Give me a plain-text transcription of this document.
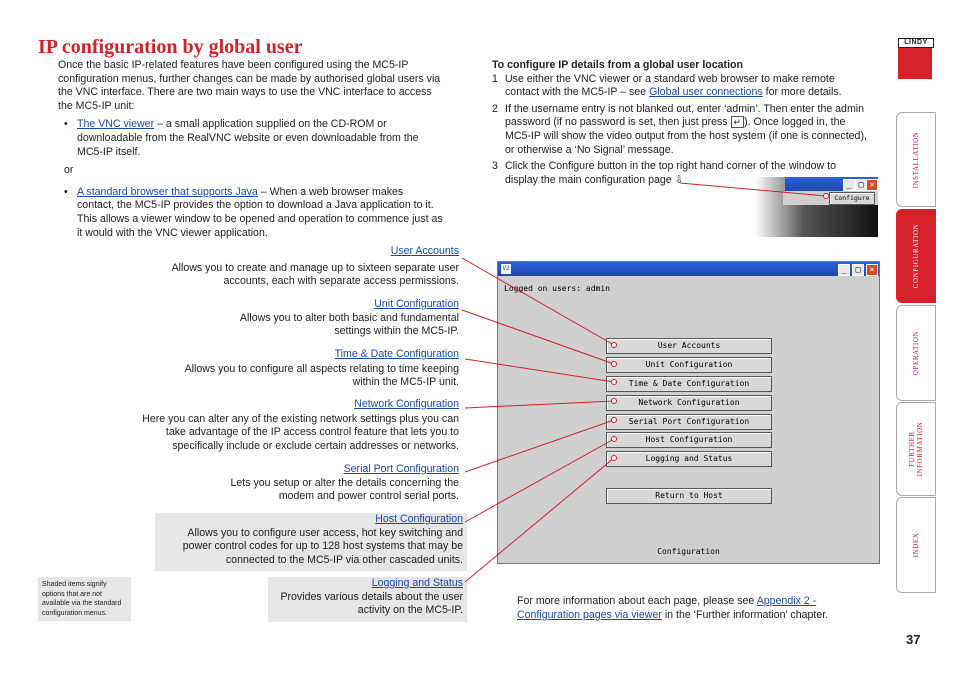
IP configuration by global user
Once the basic IP-related features have been configured using the MC5-IP configuration menus, further changes can be made by authorised global users via the VNC interface. There are two main ways to use the VNC interface to access the MC5-IP unit:
• The VNC viewer – a small application supplied on the CD-ROM or downloadable from the RealVNC website or even downloadable from the MC5-IP itself.
or
• A standard browser that supports Java – When a web browser makes contact, the MC5-IP provides the option to download a Java application to it. This allows a viewer window to be opened and operation to commence just as it would with the VNC viewer application.
To configure IP details from a global user location
1 Use either the VNC viewer or a standard web browser to make remote contact with the MC5-IP – see Global user connections for more details.
2 If the username entry is not blanked out, enter ‘admin’. Then enter the admin password (if no password is set, then just press ↵ ). Once logged in, the MC5-IP will show the video output from the host system (if one is connected), or otherwise a ‘No Signal’ message.
3 Click the Configure button in the top right hand corner of the window to display the main configuration page ⇩	_ □ ×
Configure
V2	_	□	×
Logged on users: admin
User Accounts
Unit Configuration
Time & Date Configuration
Network Configuration
Serial Port Configuration
Host Configuration
Logging and Status
Return to Host
Configuration
User Accounts
Allows you to create and manage up to sixteen separate user accounts, each with separate access permissions.
Unit Configuration
Allows you to alter both basic and fundamental settings within the MC5-IP.
Time & Date Configuration
Allows you to configure all aspects relating to time keeping within the MC5-IP unit.
Network Configuration
Here you can alter any of the existing network settings plus you can take advantage of the IP access control feature that lets you to specifically include or exclude certain addresses or networks.
Serial Port Configuration
Lets you setup or alter the details concerning the modem and power control serial ports.
Host Configuration
Allows you to configure user access, hot key switching and power control codes for up to 128 host systems that may be connected to the MC5-IP via other cascaded units.
Logging and Status
Provides various details about the user activity on the MC5-IP.
Shaded items signify options that are not available via the standard configuration menus.
For more information about each page, please see Appendix 2 - Configuration pages via viewer in the ‘Further information’ chapter.
37
LINDY
INSTALLATION
CONFIGURATION
OPERATION
FURTHER INFORMATION
INDEX
